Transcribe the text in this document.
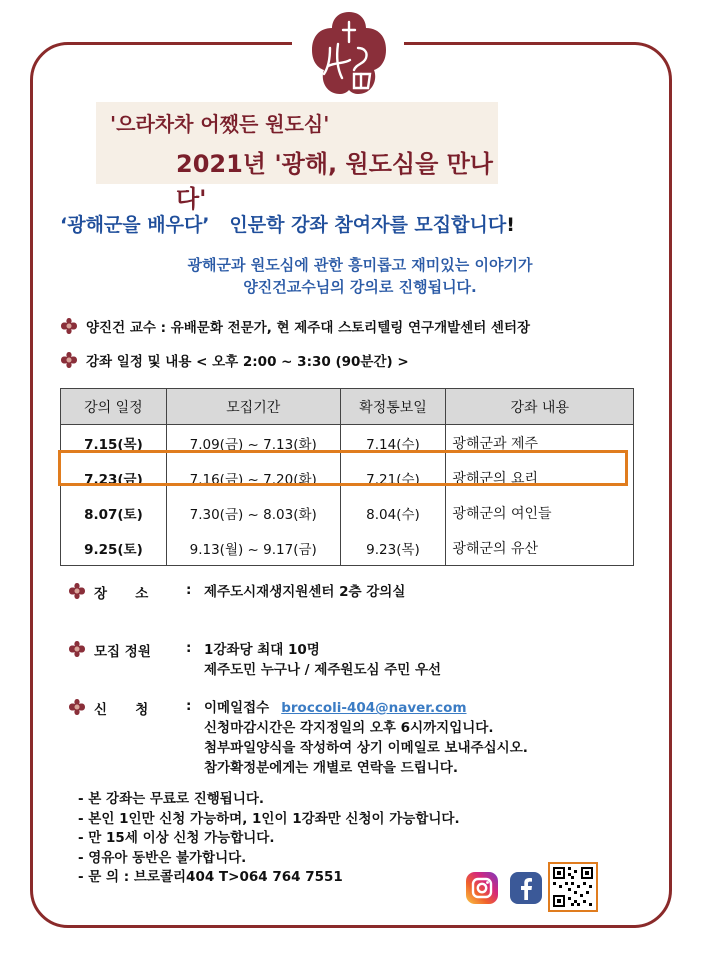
'으라차차 어쨌든 원도심'
2021년 '광해, 원도심을 만나다'
‘광해군을 배우다’ 인문학 강좌 참여자를 모집합니다!
광해군과 원도심에 관한 흥미롭고 재미있는 이야기가
양진건교수님의 강의로 진행됩니다.
양진건 교수 : 유배문화 전문가, 현 제주대 스토리텔링 연구개발센터 센터장
강좌 일정 및 내용 < 오후 2:00 ~ 3:30 (90분간) >
강의 일정	모집기간	확정통보일	강좌 내용
7.15(목)	7.09(금) ~ 7.13(화)	7.14(수)	광해군과 제주
7.23(금)	7.16(금) ~ 7.20(화)	7.21(수)	광해군의 요리
8.07(토)	7.30(금) ~ 8.03(화)	8.04(수)	광해군의 여인들
9.25(토)	9.13(월) ~ 9.17(금)	9.23(목)	광해군의 유산
장      소	: 제주도시재생지원센터 2층 강의실
모집 정원	: 1강좌당 최대 10명
제주도민 누구나 / 제주원도심 주민 우선
신      청	: 이메일접수 broccoli-404@naver.com
신청마감시간은 각지정일의 오후 6시까지입니다.
첨부파일양식을 작성하여 상기 이메일로 보내주십시오.
참가확정분에게는 개별로 연락을 드립니다.
- 본 강좌는 무료로 진행됩니다.
- 본인 1인만 신청 가능하며, 1인이 1강좌만 신청이 가능합니다.
- 만 15세 이상 신청 가능합니다.
- 영유아 동반은 불가합니다.
- 문 의 : 브로콜리404 T>064 764 7551
